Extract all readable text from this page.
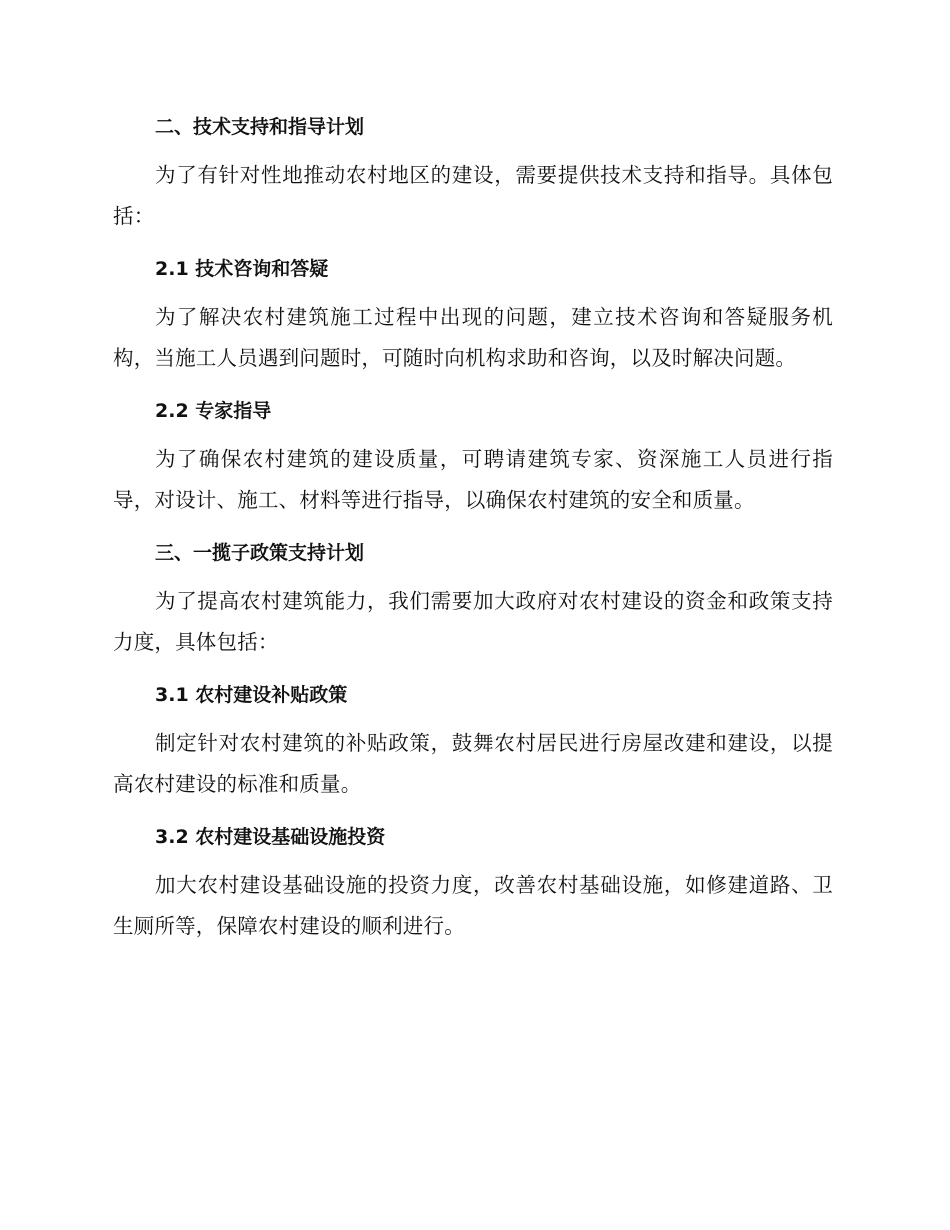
二、技术支持和指导计划

为了有针对性地推动农村地区的建设，需要提供技术支持和指导。具体包括：

2.1 技术咨询和答疑

为了解决农村建筑施工过程中出现的问题，建立技术咨询和答疑服务机构，当施工人员遇到问题时，可随时向机构求助和咨询，以及时解决问题。

2.2 专家指导

为了确保农村建筑的建设质量，可聘请建筑专家、资深施工人员进行指导，对设计、施工、材料等进行指导，以确保农村建筑的安全和质量。

三、一揽子政策支持计划

为了提高农村建筑能力，我们需要加大政府对农村建设的资金和政策支持力度，具体包括：

3.1 农村建设补贴政策

制定针对农村建筑的补贴政策，鼓舞农村居民进行房屋改建和建设，以提高农村建设的标准和质量。

3.2 农村建设基础设施投资

加大农村建设基础设施的投资力度，改善农村基础设施，如修建道路、卫生厕所等，保障农村建设的顺利进行。
